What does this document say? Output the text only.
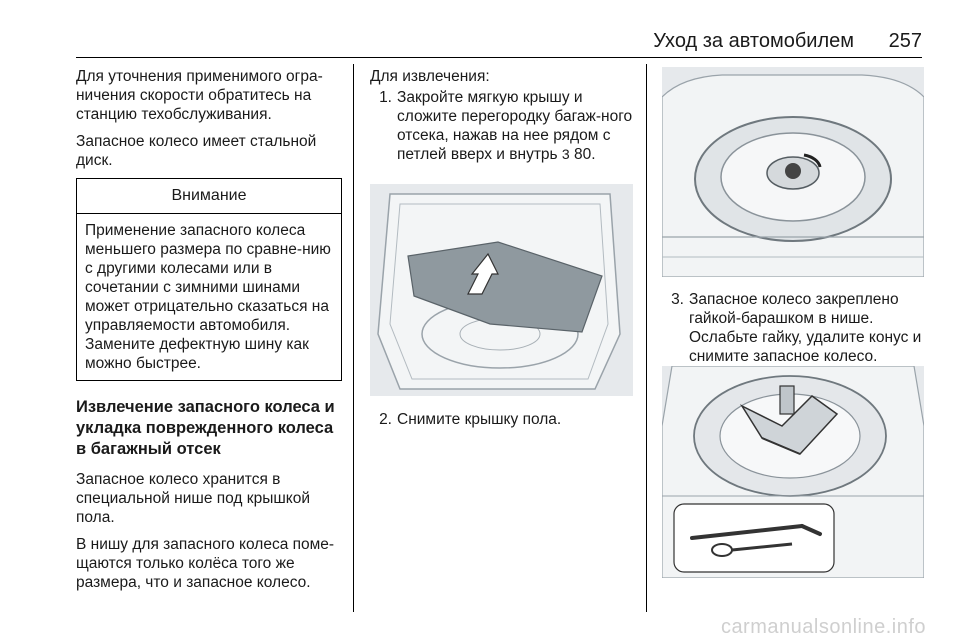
Уход за автомобилем 257

Для уточнения применимого огра-ничения скорости обратитесь на станцию техобслуживания.

Запасное колесо имеет стальной диск.

Внимание
Применение запасного колеса меньшего размера по сравне-нию с другими колесами или в сочетании с зимними шинами может отрицательно сказаться на управляемости автомобиля. Замените дефектную шину как можно быстрее.
Извлечение запасного колеса и укладка поврежденного колеса в багажный отсек

Запасное колесо хранится в специальной нише под крышкой пола.

В нишу для запасного колеса поме-щаются только колёса того же размера, что и запасное колесо.

Для извлечения:

1. Закройте мягкую крышу и сложите перегородку багаж-ного отсека, нажав на нее рядом с петлей вверх и внутрь 3 80.
2. Снимите крышку пола.
3. Запасное колесо закреплено гайкой-барашком в нише. Ослабьте гайку, удалите конус и снимите запасное колесо.
carmanualsonline.info
